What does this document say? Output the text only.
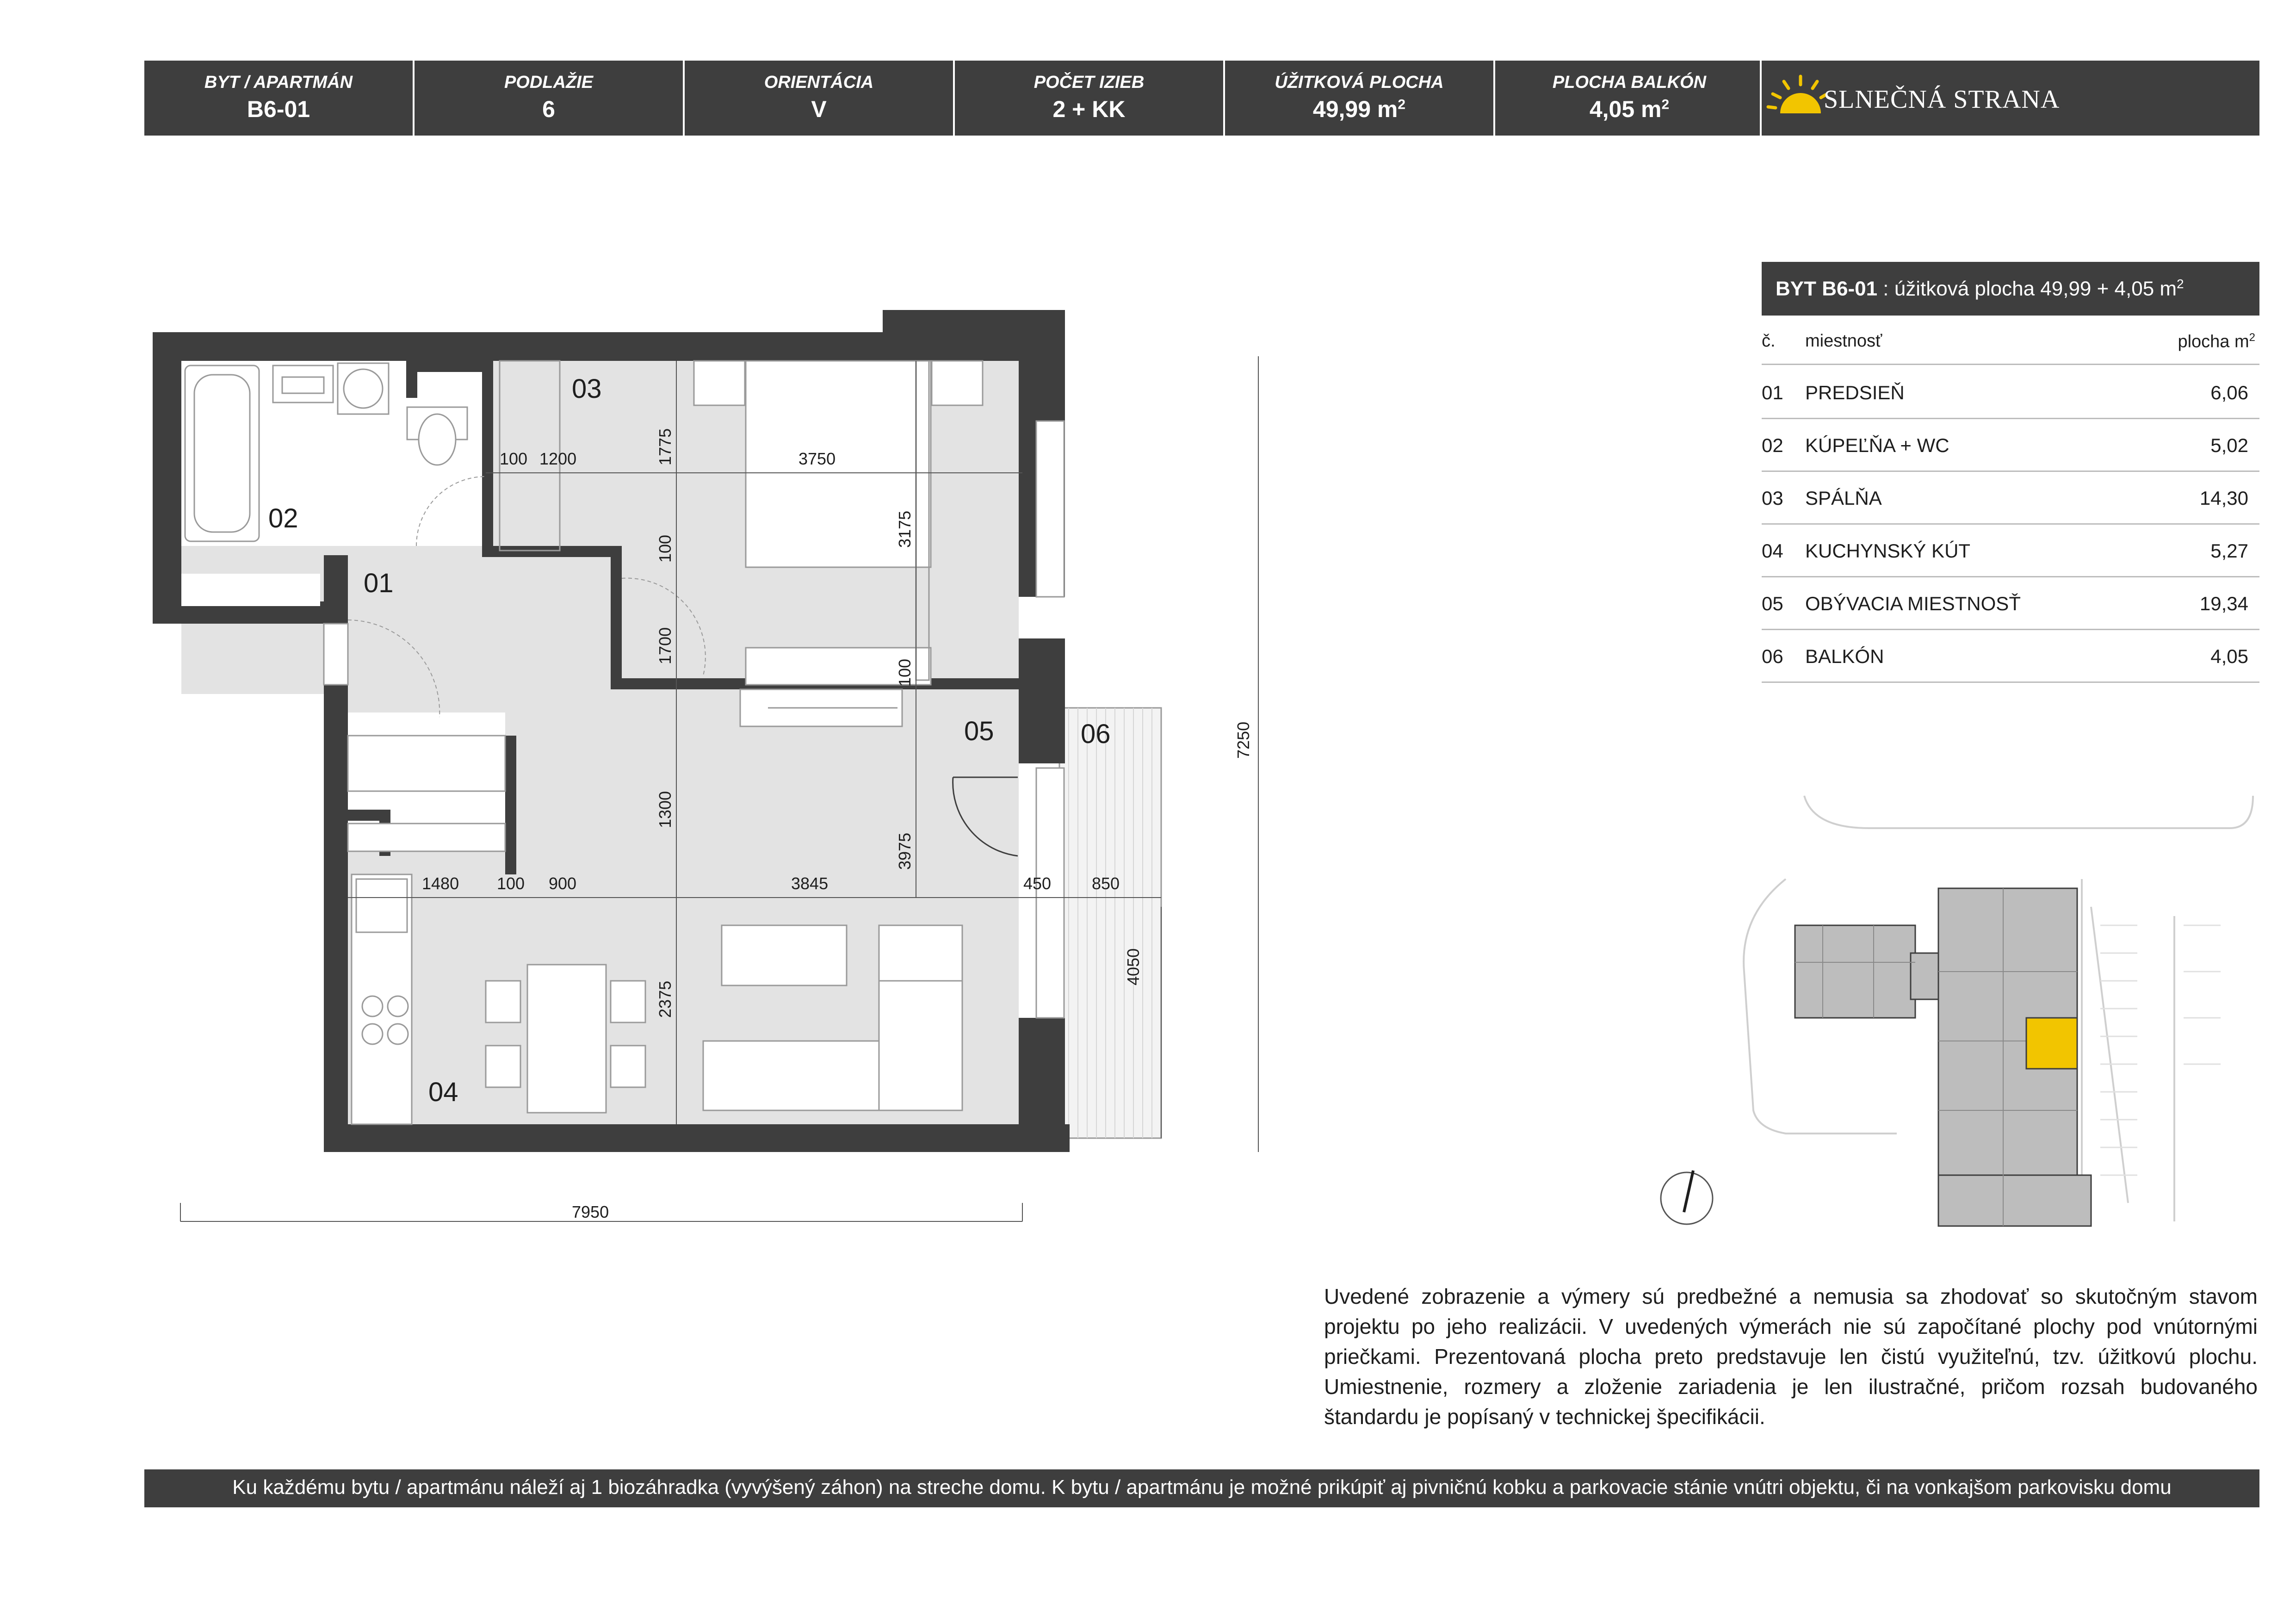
BYT / APARTMÁN
B6-01
PODLAŽIE
6
ORIENTÁCIA
V
POČET IZIEB
2 + KK
ÚŽITKOVÁ PLOCHA
49,99 $m^2$
PLOCHA BALKÓN
4,05 $m^2$	SLNEČNÁ STRANA
02
01
03
05	06
04
100 1200	3750
1480 100 900	3845	450 850
7950
1775
100
1700
1300
2375
3175
100
3975
4050
7250
BYT B6-01 : úžitková plocha 49,99 + 4,05 $m^2$
č. miestnosť	plocha $m^2$
01 PREDSIEŇ	6,06
02 KÚPEĽŇA + WC	5,02
03 SPÁLŇA	14,30
04 KUCHYNSKÝ KÚT	5,27
05 OBÝVACIA MIESTNOSŤ	19,34
06 BALKÓN	4,05
Uvedené zobrazenie a výmery sú predbežné a nemusia sa zhodovať so skutočným stavom projektu po jeho realizácii. V uvedených výmerách nie sú započítané plochy pod vnútornými priečkami. Prezentovaná plocha preto predstavuje len čistú využiteľnú, tzv. úžitkovú plochu. Umiestnenie, rozmery a zloženie zariadenia je len ilustračné, pričom rozsah budovaného štandardu je popísaný v technickej špecifikácii.
Ku každému bytu / apartmánu náleží aj 1 biozáhradka (vyvýšený záhon) na streche domu. K bytu / apartmánu je možné prikúpiť aj pivničnú kobku a parkovacie stánie vnútri objektu, či na vonkajšom parkovisku domu
